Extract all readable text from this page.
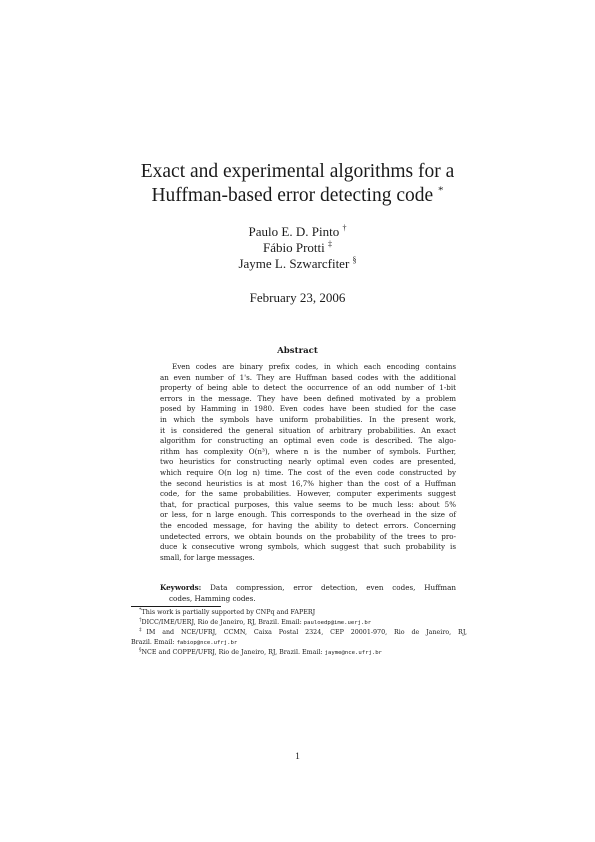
Exact and experimental algorithms for a
Huffman-based error detecting code *
Paulo E. D. Pinto †
Fábio Protti ‡
Jayme L. Szwarcfiter §
February 23, 2006
Abstract
Even codes are binary prefix codes, in which each encoding contains
an even number of 1's. They are Huffman based codes with the additional
property of being able to detect the occurrence of an odd number of 1-bit
errors in the message. They have been defined motivated by a problem
posed by Hamming in 1980. Even codes have been studied for the case
in which the symbols have uniform probabilities. In the present work,
it is considered the general situation of arbitrary probabilities. An exact
algorithm for constructing an optimal even code is described. The algo-
rithm has complexity O(n³), where n is the number of symbols. Further,
two heuristics for constructing nearly optimal even codes are presented,
which require O(n log n) time. The cost of the even code constructed by
the second heuristics is at most 16,7% higher than the cost of a Huffman
code, for the same probabilities. However, computer experiments suggest
that, for practical purposes, this value seems to be much less: about 5%
or less, for n large enough. This corresponds to the overhead in the size of
the encoded message, for having the ability to detect errors. Concerning
undetected errors, we obtain bounds on the probability of the trees to pro-
duce k consecutive wrong symbols, which suggest that such probability is
small, for large messages.
Keywords: Data compression, error detection, even codes, Huffman
codes, Hamming codes.
*This work is partially supported by CNPq and FAPERJ
†DICC/IME/UERJ, Rio de Janeiro, RJ, Brazil. Email: pauloedp@ime.uerj.br
‡IM and NCE/UFRJ, CCMN, Caixa Postal 2324, CEP 20001-970, Rio de Janeiro, RJ,
Brazil. Email: fabiop@nce.ufrj.br
§NCE and COPPE/UFRJ, Rio de Janeiro, RJ, Brazil. Email: jayme@nce.ufrj.br
1
